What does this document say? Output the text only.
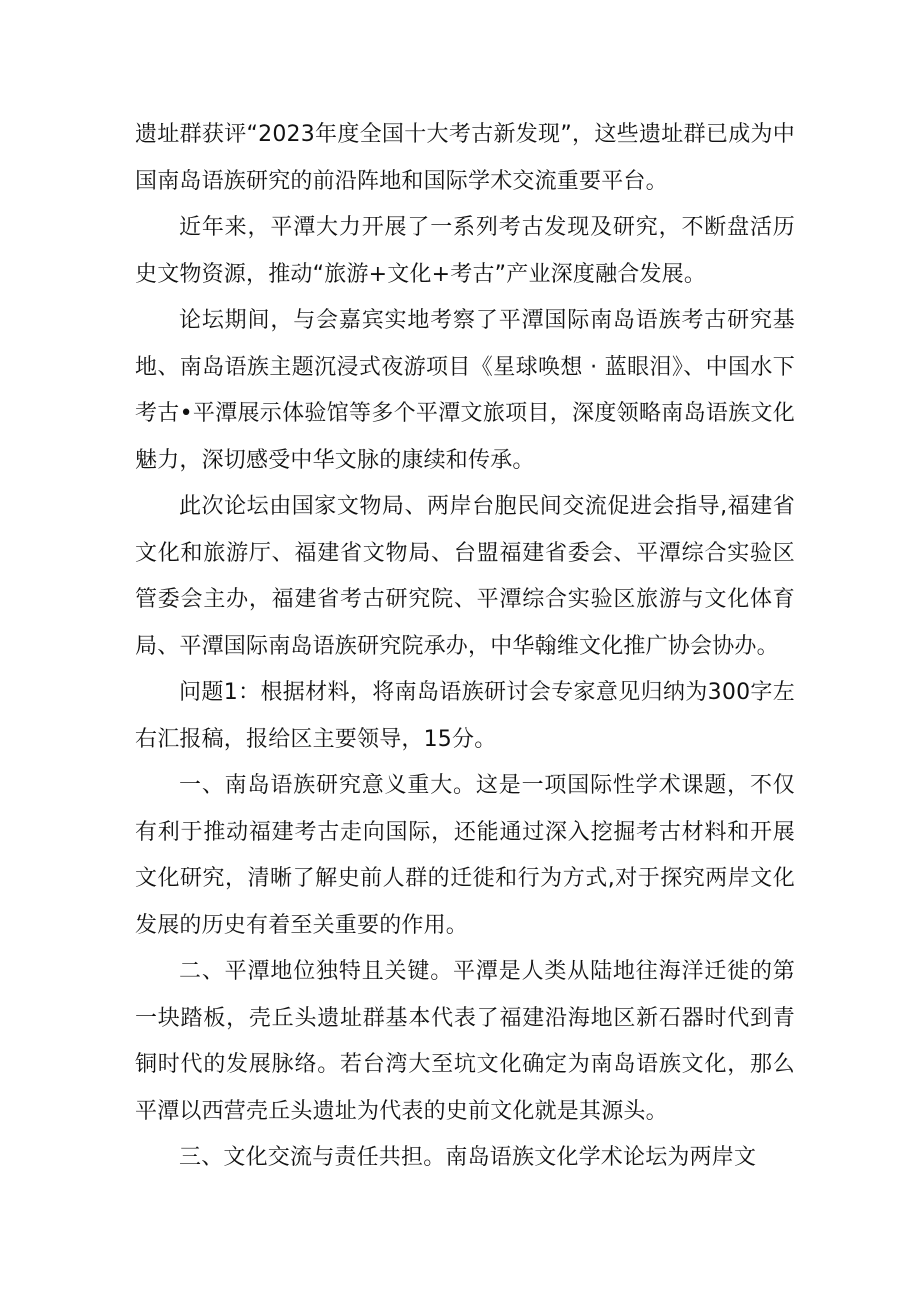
遗址群获评“2023年度全国十大考古新发现”，这些遗址群已成为中国南岛语族研究的前沿阵地和国际学术交流重要平台。

近年来，平潭大力开展了一系列考古发现及研究，不断盘活历史文物资源，推动“旅游+文化+考古”产业深度融合发展。

论坛期间，与会嘉宾实地考察了平潭国际南岛语族考古研究基地、南岛语族主题沉浸式夜游项目《星球唤想 · 蓝眼泪》、中国水下考古•平潭展示体验馆等多个平潭文旅项目，深度领略南岛语族文化魅力，深切感受中华文脉的康续和传承。

此次论坛由国家文物局、两岸台胞民间交流促进会指导,福建省文化和旅游厅、福建省文物局、台盟福建省委会、平潭综合实验区管委会主办，福建省考古研究院、平潭综合实验区旅游与文化体育局、平潭国际南岛语族研究院承办，中华翰维文化推广协会协办。

问题1：根据材料，将南岛语族研讨会专家意见归纳为300字左右汇报稿，报给区主要领导，15分。

一、南岛语族研究意义重大。这是一项国际性学术课题，不仅有利于推动福建考古走向国际，还能通过深入挖掘考古材料和开展文化研究，清晰了解史前人群的迁徙和行为方式,对于探究两岸文化发展的历史有着至关重要的作用。

二、平潭地位独特且关键。平潭是人类从陆地往海洋迁徙的第一块踏板，壳丘头遗址群基本代表了福建沿海地区新石器时代到青铜时代的发展脉络。若台湾大至坑文化确定为南岛语族文化，那么平潭以西营壳丘头遗址为代表的史前文化就是其源头。

三、文化交流与责任共担。南岛语族文化学术论坛为两岸文
